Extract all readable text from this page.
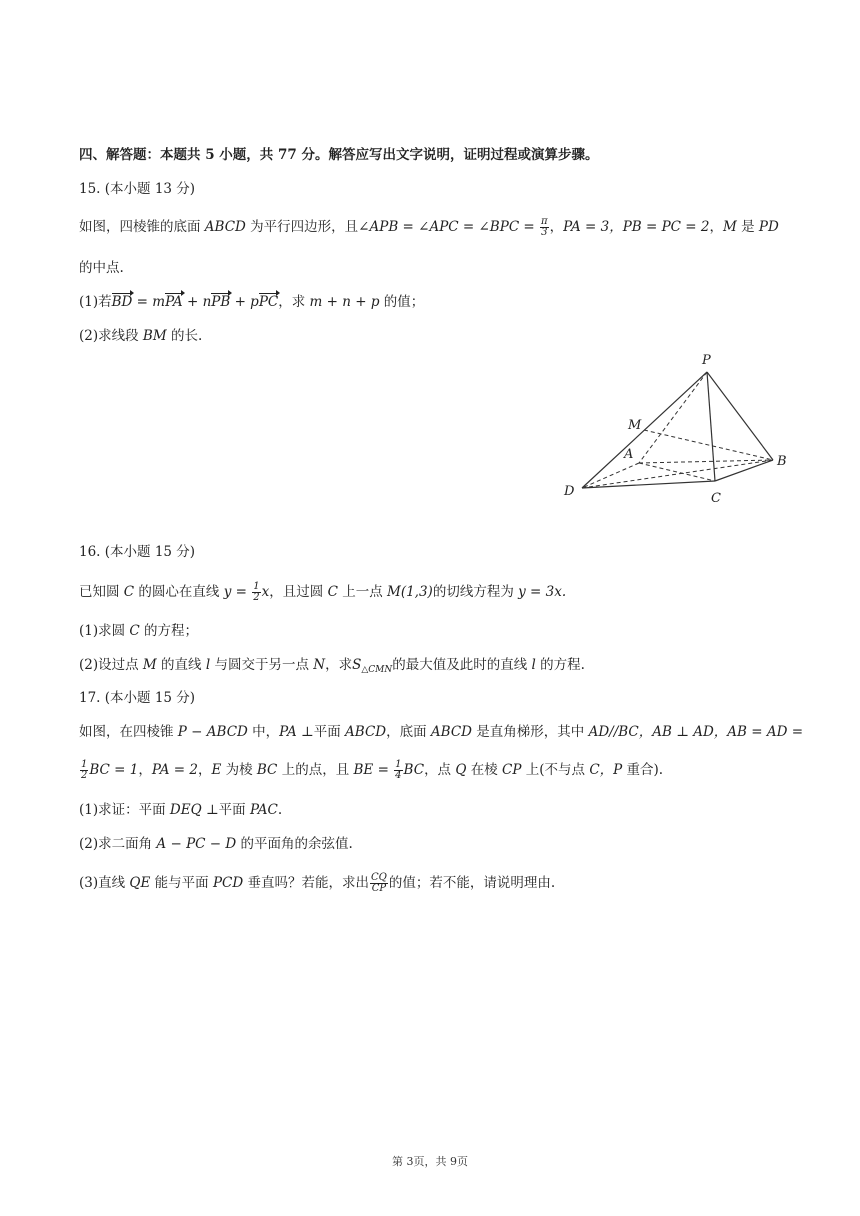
四、解答题：本题共 5 小题，共 77 分。解答应写出文字说明，证明过程或演算步骤。
15. (本小题 13 分)
如图，四棱锥的底面 ABCD 为平行四边形，且∠APB = ∠APC = ∠BPC = $\frac{\pi}{3}$ ，PA = 3，PB = PC = 2，M 是 PD
的中点.
(1)若BD = mPA + nPB + pPC，求 m + n + p 的值；
(2)求线段 BM 的长.
P
M
A	B
D	C
16. (本小题 15 分)
已知圆 C 的圆心在直线 $y = \frac{1}{2}$ x，且过圆 C 上一点 M(1,3)的切线方程为 y = 3x.
(1)求圆 C 的方程；
(2)设过点 M 的直线 l 与圆交于另一点 N，求$S_{\triangle CMN}$的最大值及此时的直线 l 的方程.
17. (本小题 15 分)
如图，在四棱锥 P − ABCD 中，PA ⊥平面 ABCD，底面 ABCD 是直角梯形，其中 AD//BC，AB ⊥ AD，AB = AD =
$\frac{1}{2}$ BC = 1，PA = 2，E 为棱 BC 上的点，且 BE = $\frac{1}{4}$ BC，点 Q 在棱 CP 上(不与点 C，P 重合).
(1)求证：平面 DEQ ⊥平面 PAC.
(2)求二面角 A − PC − D 的平面角的余弦值.
(3)直线 QE 能与平面 PCD 垂直吗？若能，求出 $\frac{CQ}{CP}$ 的值；若不能，请说明理由.
第 3页，共 9页
